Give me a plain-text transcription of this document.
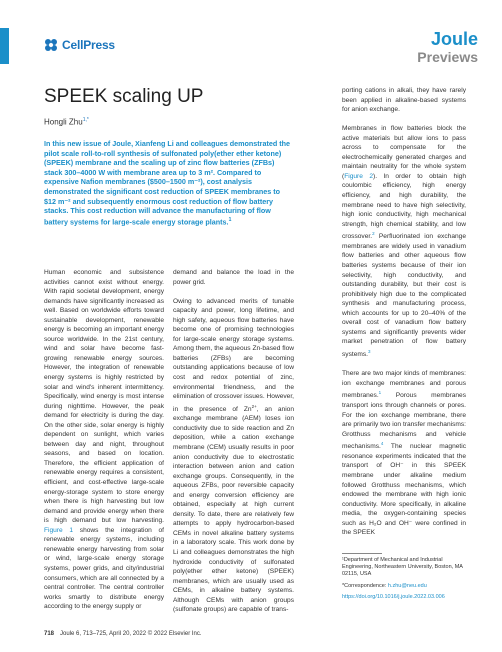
CellPress	Joule
Previews
SPEEK scaling UP
Hongli Zhu$^{1,*}$
In this new issue of Joule, Xianfeng Li and colleagues demonstrated the pilot scale roll-to-roll synthesis of sulfonated poly(ether ether ketone) (SPEEK) membrane and the scaling up of zinc flow batteries (ZFBs) stack 300–4000 W with membrane area up to 3 m². Compared to expensive Nafion membranes ($500–1500 m⁻²), cost analysis demonstrated the significant cost reduction of SPEEK membranes to $12 m⁻² and subsequently enormous cost reduction of flow battery stacks. This cost reduction will advance the manufacturing of flow battery systems for large-scale energy storage plants.$^1$

Human economic and subsistence activities cannot exist without energy. With rapid societal development, energy demands have significantly increased as well. Based on worldwide efforts toward sustainable development, renewable energy is becoming an important energy source worldwide. In the 21st century, wind and solar have become fast-growing renewable energy sources. However, the integration of renewable energy systems is highly restricted by solar and wind's inherent intermittency. Specifically, wind energy is most intense during nighttime. However, the peak demand for electricity is during the day. On the other side, solar energy is highly dependent on sunlight, which varies between day and night, throughout seasons, and based on location. Therefore, the efficient application of renewable energy requires a consistent, efficient, and cost-effective large-scale energy-storage system to store energy when there is high harvesting but low demand and provide energy when there is high demand but low harvesting. Figure 1 shows the integration of renewable energy systems, including renewable energy harvesting from solar or wind, large-scale energy storage systems, power grids, and city/industrial consumers, which are all connected by a central controller. The central controller works smartly to distribute energy according to the energy supply or

demand and balance the load in the power grid.

Owing to advanced merits of tunable capacity and power, long lifetime, and high safety, aqueous flow batteries have become one of promising technologies for large-scale energy storage systems. Among them, the aqueous Zn-based flow batteries (ZFBs) are becoming outstanding applications because of low cost and redox potential of zinc, environmental friendness, and the elimination of crossover issues. However, in the presence of $Zn^{2+}$, an anion exchange membrane (AEM) loses ion conductivity due to side reaction and Zn deposition, while a cation exchange membrane (CEM) usually results in poor anion conductivity due to electrostatic interaction between anion and cation exchange groups. Consequently, in the aqueous ZFBs, poor reversible capacity and energy conversion efficiency are obtained, especially at high current density. To date, there are relatively few attempts to apply hydrocarbon-based CEMs in novel alkaline battery systems in a laboratory scale. This work done by Li and colleagues demonstrates the high hydroxide conductivity of sulfonated poly(ether ether ketone) (SPEEK) membranes, which are usually used as CEMs, in alkaline battery systems. Although CEMs with anion groups (sulfonate groups) are capable of trans-

porting cations in alkali, they have rarely been applied in alkaline-based systems for anion exchange.

Membranes in flow batteries block the active materials but allow ions to pass across to compensate for the electrochemically generated charges and maintain neutrality for the whole system (Figure 2). In order to obtain high coulombic efficiency, high energy efficiency, and high durability, the membrane need to have high selectivity, high ionic conductivity, high mechanical strength, high chemical stability, and low crossover.$^2$ Perfluorinated ion exchange membranes are widely used in vanadium flow batteries and other aqueous flow batteries systems because of their ion selectivity, high conductivity, and outstanding durability, but their cost is prohibitively high due to the complicated synthesis and manufacturing process, which accounts for up to 20–40% of the overall cost of vanadium flow battery systems and significantly prevents wider market penetration of flow battery systems.$^3$

There are two major kinds of membranes: ion exchange membranes and porous membranes.$^1$ Porous membranes transport ions through channels or pores. For the ion exchange membrane, there are primarily two ion transfer mechanisms: Grotthuss mechanisms and vehicle mechanisms.$^4$ The nuclear magnetic resonance experiments indicated that the transport of OH⁻ in this SPEEK membrane under alkaline medium followed Grotthuss mechanisms, which endowed the membrane with high ionic conductivity. More specifically, in alkaline media, the oxygen-containing species such as H₂O and OH⁻ were confined in the SPEEK

¹Department of Mechanical and Industrial Engineering, Northeastern University, Boston, MA 02115, USA

*Correspondence: h.zhu@neu.edu

https://doi.org/10.1016/j.joule.2022.03.006

718 Joule 6, 713–725, April 20, 2022 © 2022 Elsevier Inc.
